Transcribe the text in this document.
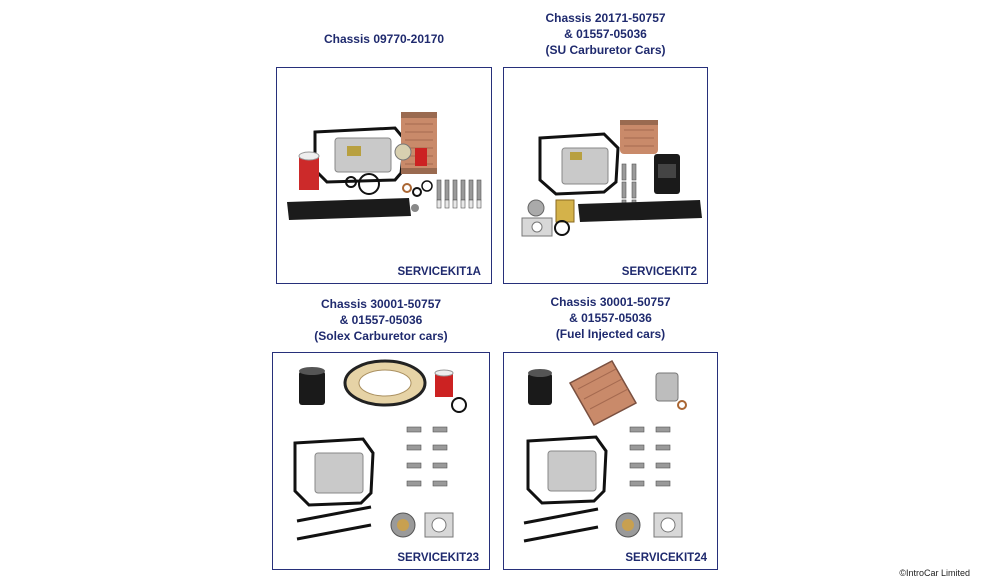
Chassis 09770-20170
Chassis 20171-50757
& 01557-05036
(SU Carburetor Cars)
Chassis 30001-50757
& 01557-05036
(Solex Carburetor cars)
Chassis 30001-50757
& 01557-05036
(Fuel Injected cars)
SERVICEKIT1A	SERVICEKIT2
SERVICEKIT23	SERVICEKIT24
©IntroCar Limited
